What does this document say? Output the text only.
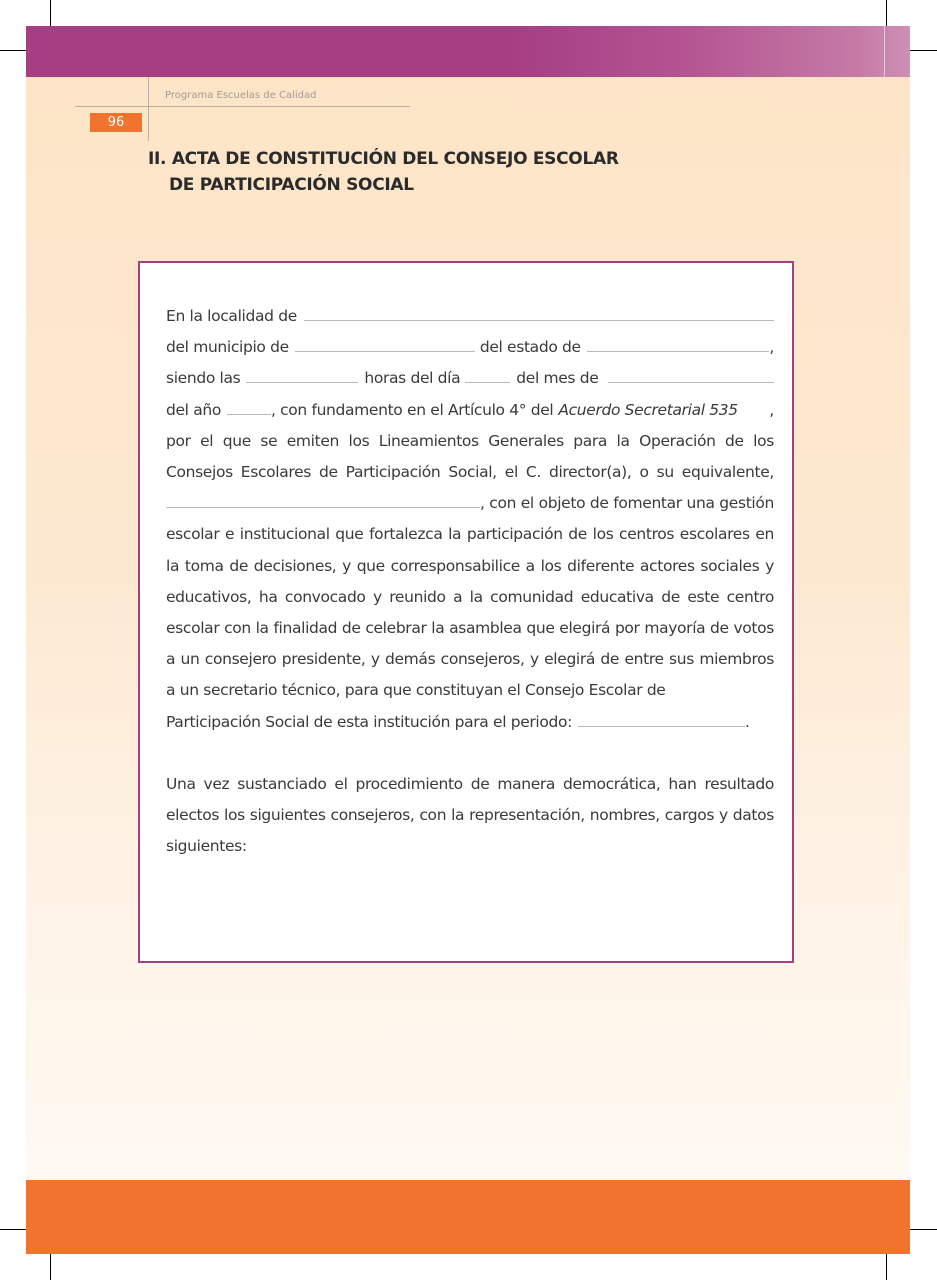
Programa Escuelas de Calidad
96
II. ACTA DE CONSTITUCIÓN DEL CONSEJO ESCOLAR
DE PARTICIPACIÓN SOCIAL
En la localidad de
del municipio de	del estado de	,
siendo las	horas del día	del mes de
del año	, con fundamento en el Artículo 4° del Acuerdo Secretarial 535 ,
por el que se emiten los Lineamientos Generales para la Operación de los
Consejos Escolares de Participación Social, el C. director(a), o su equivalente,
, con el objeto de fomentar una gestión

escolar e institucional que fortalezca la participación de los centros escolares en la toma de decisiones, y que corresponsabilice a los diferente actores sociales y educativos, ha convocado y reunido a la comunidad educativa de este centro escolar con la finalidad de celebrar la asamblea que elegirá por mayoría de votos a un consejero presidente, y demás consejeros, y elegirá de entre sus miembros a un secretario técnico, para que constituyan el Consejo Escolar de

Participación Social de esta institución para el periodo:	.

Una vez sustanciado el procedimiento de manera democrática, han resultado electos los siguientes consejeros, con la representación, nombres, cargos y datos siguientes:
